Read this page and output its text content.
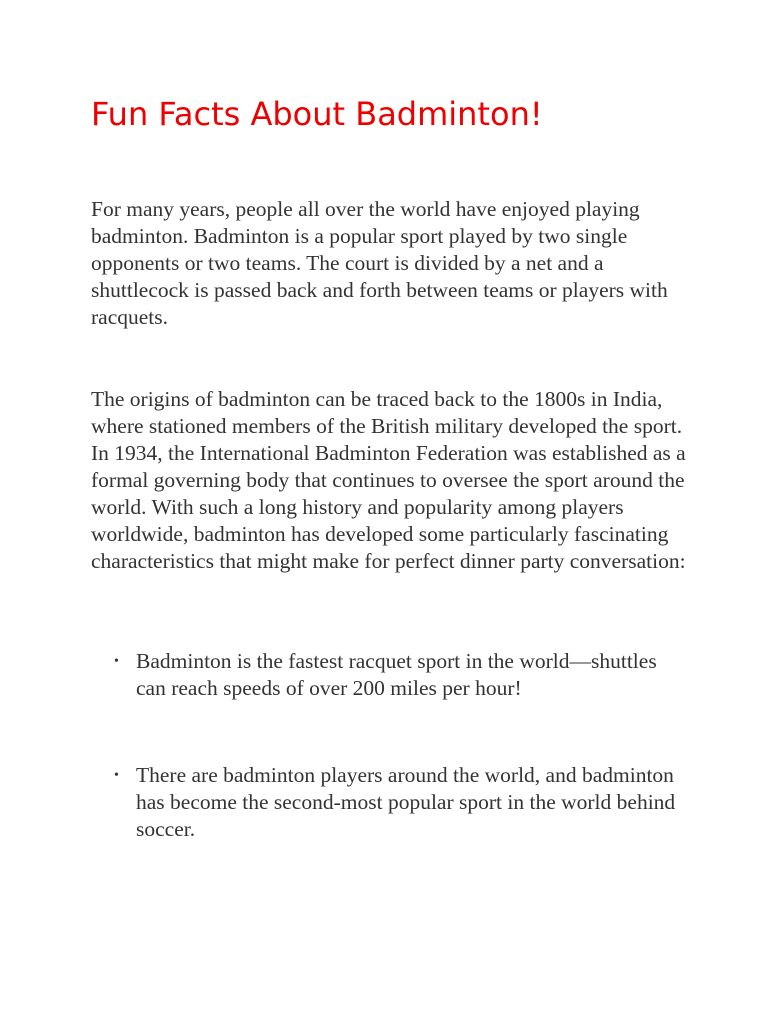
Fun Facts About Badminton!

For many years, people all over the world have enjoyed playing badminton. Badminton is a popular sport played by two single opponents or two teams. The court is divided by a net and a shuttlecock is passed back and forth between teams or players with racquets.

The origins of badminton can be traced back to the 1800s in India, where stationed members of the British military developed the sport. In 1934, the International Badminton Federation was established as a formal governing body that continues to oversee the sport around the world. With such a long history and popularity among players worldwide, badminton has developed some particularly fascinating characteristics that might make for perfect dinner party conversation:

• Badminton is the fastest racquet sport in the world—shuttles can reach speeds of over 200 miles per hour!
• There are badminton players around the world, and badminton has become the second-most popular sport in the world behind soccer.
